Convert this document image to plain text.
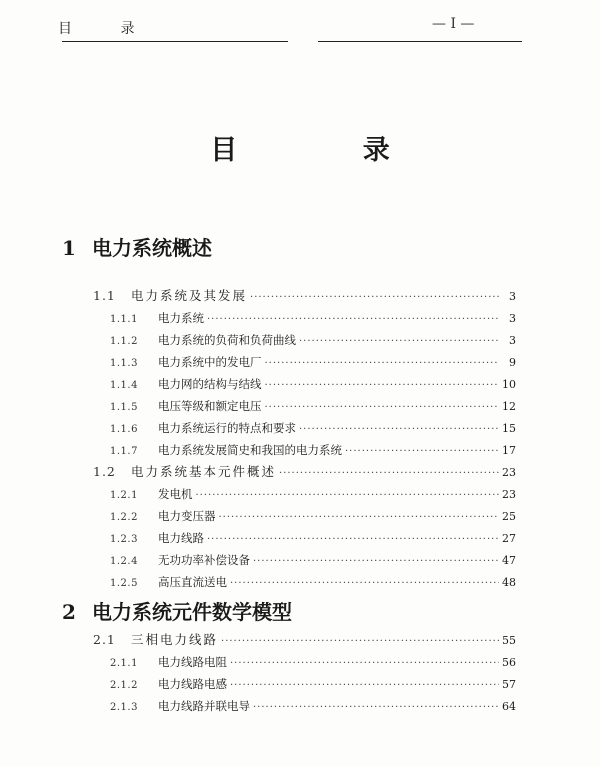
目 录	— I —
目 录
1 电力系统概述
1.1	电力系统及其发展 ·····	3
1.1.1	电力系统 ·····	3
1.1.2	电力系统的负荷和负荷曲线 ·····	3
1.1.3	电力系统中的发电厂 ·····	9
1.1.4	电力网的结构与结线 ·····	10
1.1.5	电压等级和额定电压 ·····	12
1.1.6	电力系统运行的特点和要求 ·····	15
1.1.7	电力系统发展简史和我国的电力系统 ·····	17
1.2	电力系统基本元件概述 ·····	23
1.2.1	发电机 ·····	23
1.2.2	电力变压器 ·····	25
1.2.3	电力线路 ·····	27
1.2.4	无功功率补偿设备 ·····	47
1.2.5	高压直流送电 ·····	48
2 电力系统元件数学模型
2.1	三相电力线路 ·····	55
2.1.1	电力线路电阻 ·····	56
2.1.2	电力线路电感 ·····	57
2.1.3	电力线路并联电导 ·····	64
